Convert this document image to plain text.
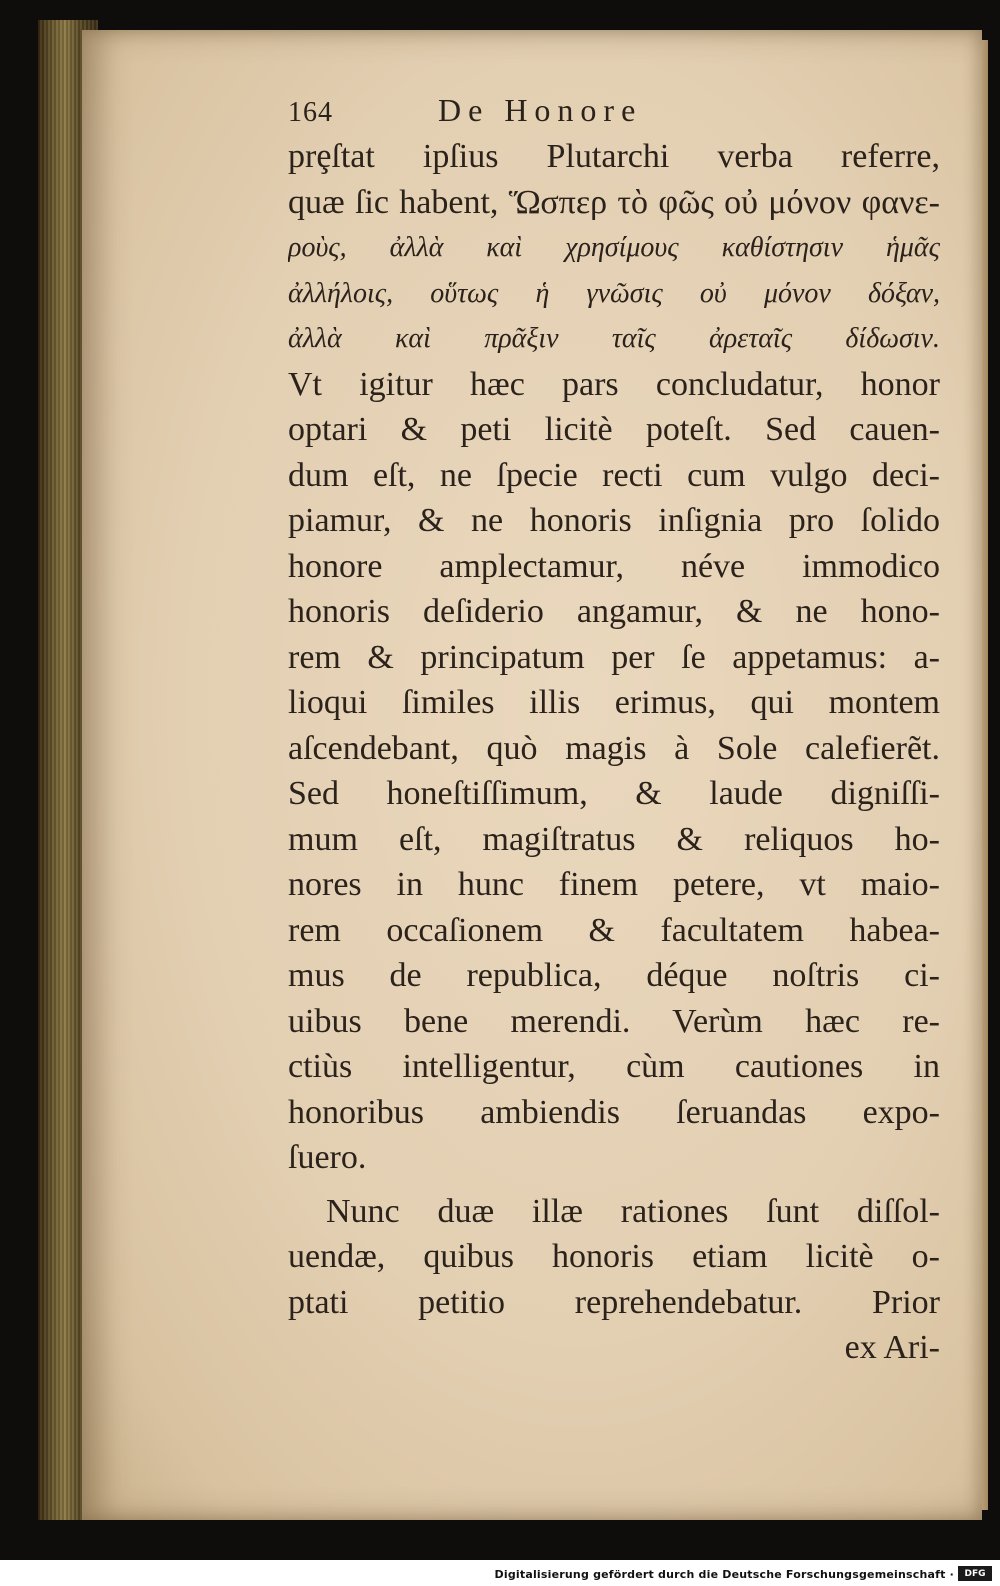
164	De Honore
prȩſtat ipſius Plutarchi verba referre,
quæ ſic habent, Ὥσπερ τὸ φῶς οὐ μόνον φανε-
ροὺς, ἀλλὰ καὶ χρησίμους καθίστησιν ἡμᾶς
ἀλλήλοις, οὕτως ἡ γνῶσις οὐ μόνον δόξαν,
ἀλλὰ καὶ πρᾶξιν ταῖς ἀρεταῖς δίδωσιν.
Vt igitur hæc pars concludatur, honor
optari & peti licitè poteſt. Sed cauen-
dum eſt, ne ſpecie recti cum vulgo deci-
piamur, & ne honoris inſignia pro ſolido
honore amplectamur, néve immodico
honoris deſiderio angamur, & ne hono-
rem & principatum per ſe appetamus: a-
lioqui ſimiles illis erimus, qui montem
aſcendebant, quò magis à Sole calefierẽt.
Sed honeſtiſſimum, & laude digniſſi-
mum eſt, magiſtratus & reliquos ho-
nores in hunc finem petere, vt maio-
rem occaſionem & facultatem habea-
mus de republica, déque noſtris ci-
uibus bene merendi. Verùm hæc re-
ctiùs intelligentur, cùm cautiones in
honoribus ambiendis ſeruandas expo-
ſuero.
Nunc duæ illæ rationes ſunt diſſol-
uendæ, quibus honoris etiam licitè o-
ptati petitio reprehendebatur. Prior
ex Ari-
Digitalisierung gefördert durch die Deutsche Forschungsgemeinschaft ·	DFG
